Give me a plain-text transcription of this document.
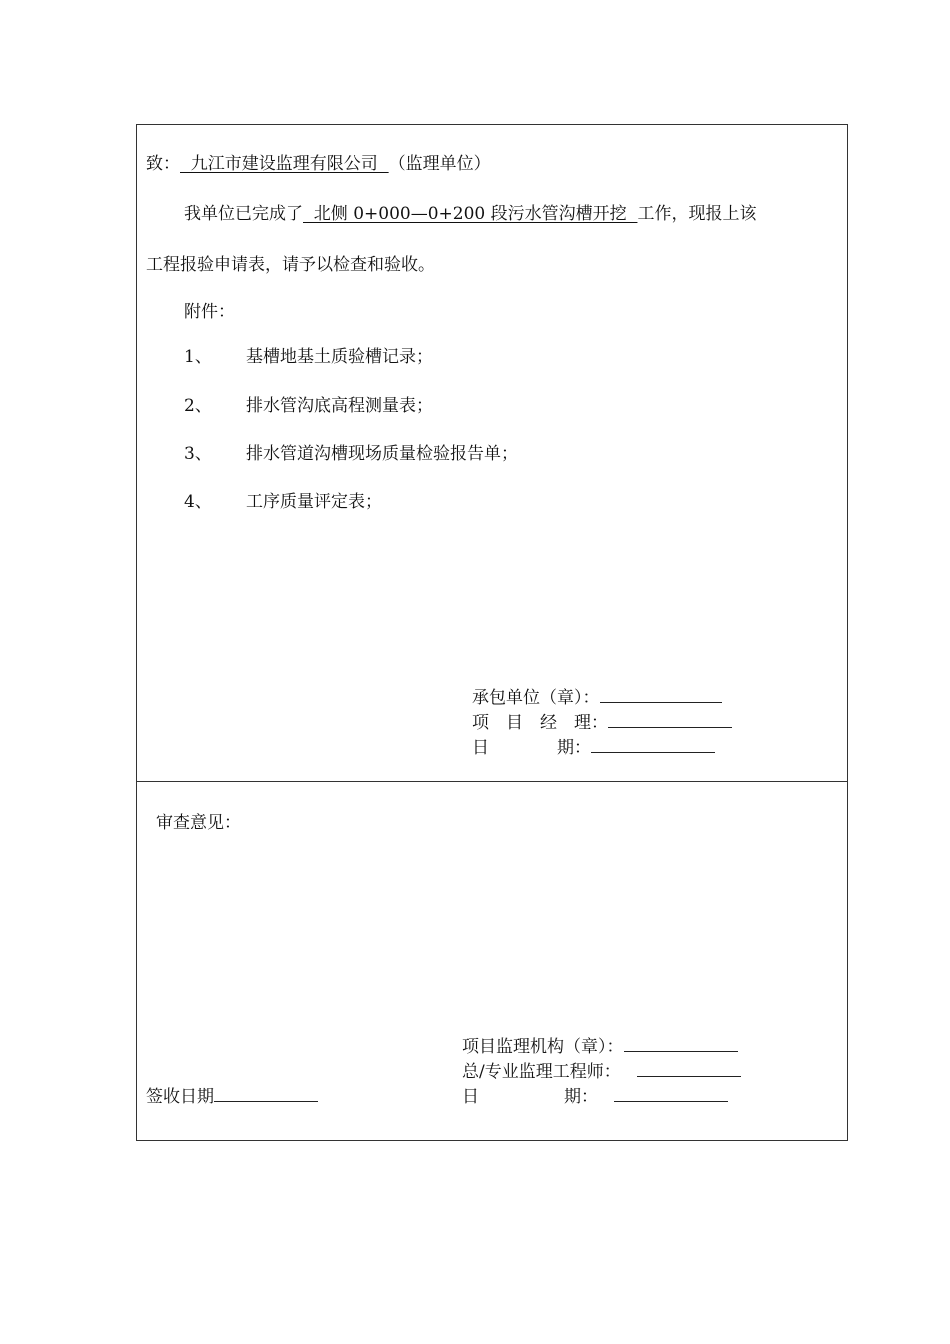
致：  九江市建设监理有限公司  （监理单位）
我单位已完成了  北侧 0+000—0+200 段污水管沟槽开挖  工作，现报上该
工程报验申请表，请予以检查和验收。
附件：
1、 基槽地基土质验槽记录；
2、 排水管沟底高程测量表；
3、 排水管道沟槽现场质量检验报告单；
4、 工序质量评定表；
承包单位（章）：
项　目　经　理：
日　　　　期：
审查意见：
项目监理机构（章）：
总/专业监理工程师：
签收日期	日　　　　　期：
